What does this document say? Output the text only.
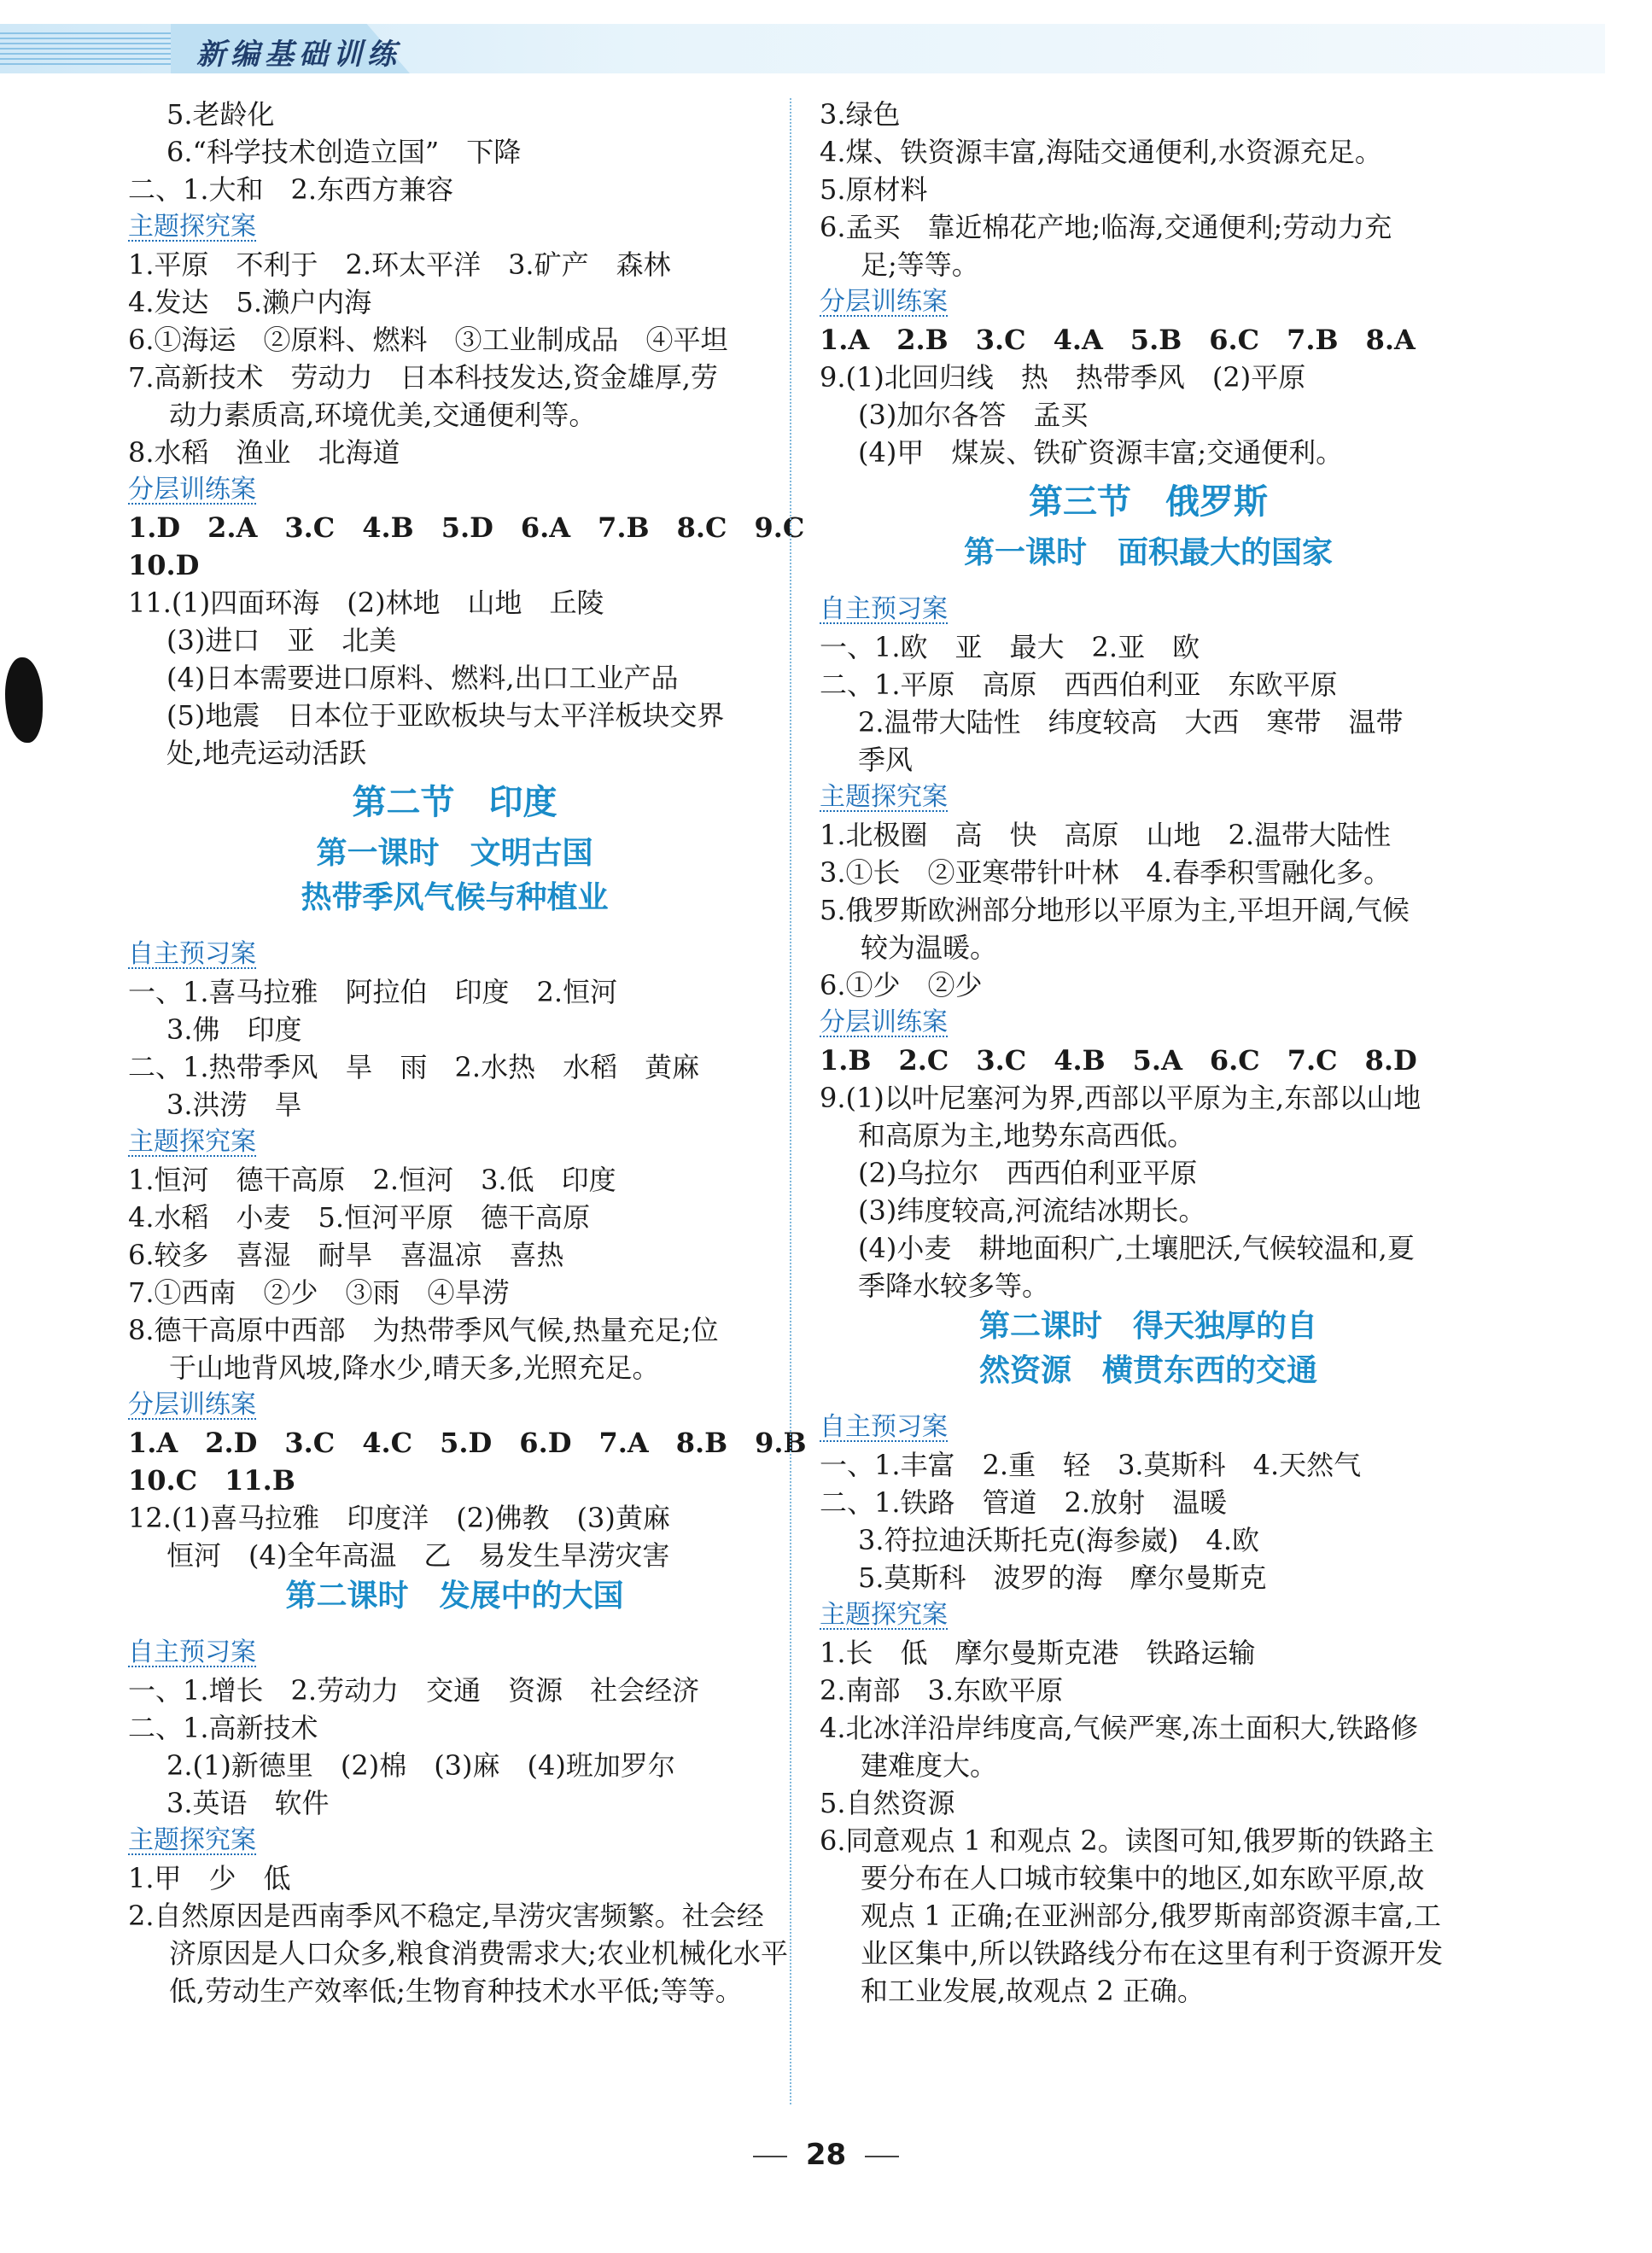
新编基础训练
5.老龄化
6.“科学技术创造立国”　下降
二、1.大和　2.东西方兼容
主题探究案
1.平原　不利于　2.环太平洋　3.矿产　森林
4.发达　5.濑户内海
6.①海运　②原料、燃料　③工业制成品　④平坦
7.高新技术　劳动力　日本科技发达,资金雄厚,劳
动力素质高,环境优美,交通便利等。
8.水稻　渔业　北海道
分层训练案
1.D　2.A　3.C　4.B　5.D　6.A　7.B　8.C　9.C
10.D
11.(1)四面环海　(2)林地　山地　丘陵
(3)进口　亚　北美
(4)日本需要进口原料、燃料,出口工业产品
(5)地震　日本位于亚欧板块与太平洋板块交界
处,地壳运动活跃
第二节　印度
第一课时　文明古国
热带季风气候与种植业
自主预习案
一、1.喜马拉雅　阿拉伯　印度　2.恒河
3.佛　印度
二、1.热带季风　旱　雨　2.水热　水稻　黄麻
3.洪涝　旱
主题探究案
1.恒河　德干高原　2.恒河　3.低　印度
4.水稻　小麦　5.恒河平原　德干高原
6.较多　喜湿　耐旱　喜温凉　喜热
7.①西南　②少　③雨　④旱涝
8.德干高原中西部　为热带季风气候,热量充足;位
于山地背风坡,降水少,晴天多,光照充足。
分层训练案
1.A　2.D　3.C　4.C　5.D　6.D　7.A　8.B　9.B
10.C　11.B
12.(1)喜马拉雅　印度洋　(2)佛教　(3)黄麻
恒河　(4)全年高温　乙　易发生旱涝灾害
第二课时　发展中的大国
自主预习案
一、1.增长　2.劳动力　交通　资源　社会经济
二、1.高新技术
2.(1)新德里　(2)棉　(3)麻　(4)班加罗尔
3.英语　软件
主题探究案
1.甲　少　低
2.自然原因是西南季风不稳定,旱涝灾害频繁。社会经
济原因是人口众多,粮食消费需求大;农业机械化水平
低,劳动生产效率低;生物育种技术水平低;等等。
3.绿色
4.煤、铁资源丰富,海陆交通便利,水资源充足。
5.原材料
6.孟买　靠近棉花产地;临海,交通便利;劳动力充
足;等等。
分层训练案
1.A　2.B　3.C　4.A　5.B　6.C　7.B　8.A
9.(1)北回归线　热　热带季风　(2)平原
(3)加尔各答　孟买
(4)甲　煤炭、铁矿资源丰富;交通便利。
第三节　俄罗斯
第一课时　面积最大的国家
自主预习案
一、1.欧　亚　最大　2.亚　欧
二、1.平原　高原　西西伯利亚　东欧平原
2.温带大陆性　纬度较高　大西　寒带　温带
季风
主题探究案
1.北极圈　高　快　高原　山地　2.温带大陆性
3.①长　②亚寒带针叶林　4.春季积雪融化多。
5.俄罗斯欧洲部分地形以平原为主,平坦开阔,气候
较为温暖。
6.①少　②少
分层训练案
1.B　2.C　3.C　4.B　5.A　6.C　7.C　8.D
9.(1)以叶尼塞河为界,西部以平原为主,东部以山地
和高原为主,地势东高西低。
(2)乌拉尔　西西伯利亚平原
(3)纬度较高,河流结冰期长。
(4)小麦　耕地面积广,土壤肥沃,气候较温和,夏
季降水较多等。
第二课时　得天独厚的自
然资源　横贯东西的交通
自主预习案
一、1.丰富　2.重　轻　3.莫斯科　4.天然气
二、1.铁路　管道　2.放射　温暖
3.符拉迪沃斯托克(海参崴)　4.欧
5.莫斯科　波罗的海　摩尔曼斯克
主题探究案
1.长　低　摩尔曼斯克港　铁路运输
2.南部　3.东欧平原
4.北冰洋沿岸纬度高,气候严寒,冻土面积大,铁路修
建难度大。
5.自然资源
6.同意观点 1 和观点 2。读图可知,俄罗斯的铁路主
要分布在人口城市较集中的地区,如东欧平原,故
观点 1 正确;在亚洲部分,俄罗斯南部资源丰富,工
业区集中,所以铁路线分布在这里有利于资源开发
和工业发展,故观点 2 正确。
28
